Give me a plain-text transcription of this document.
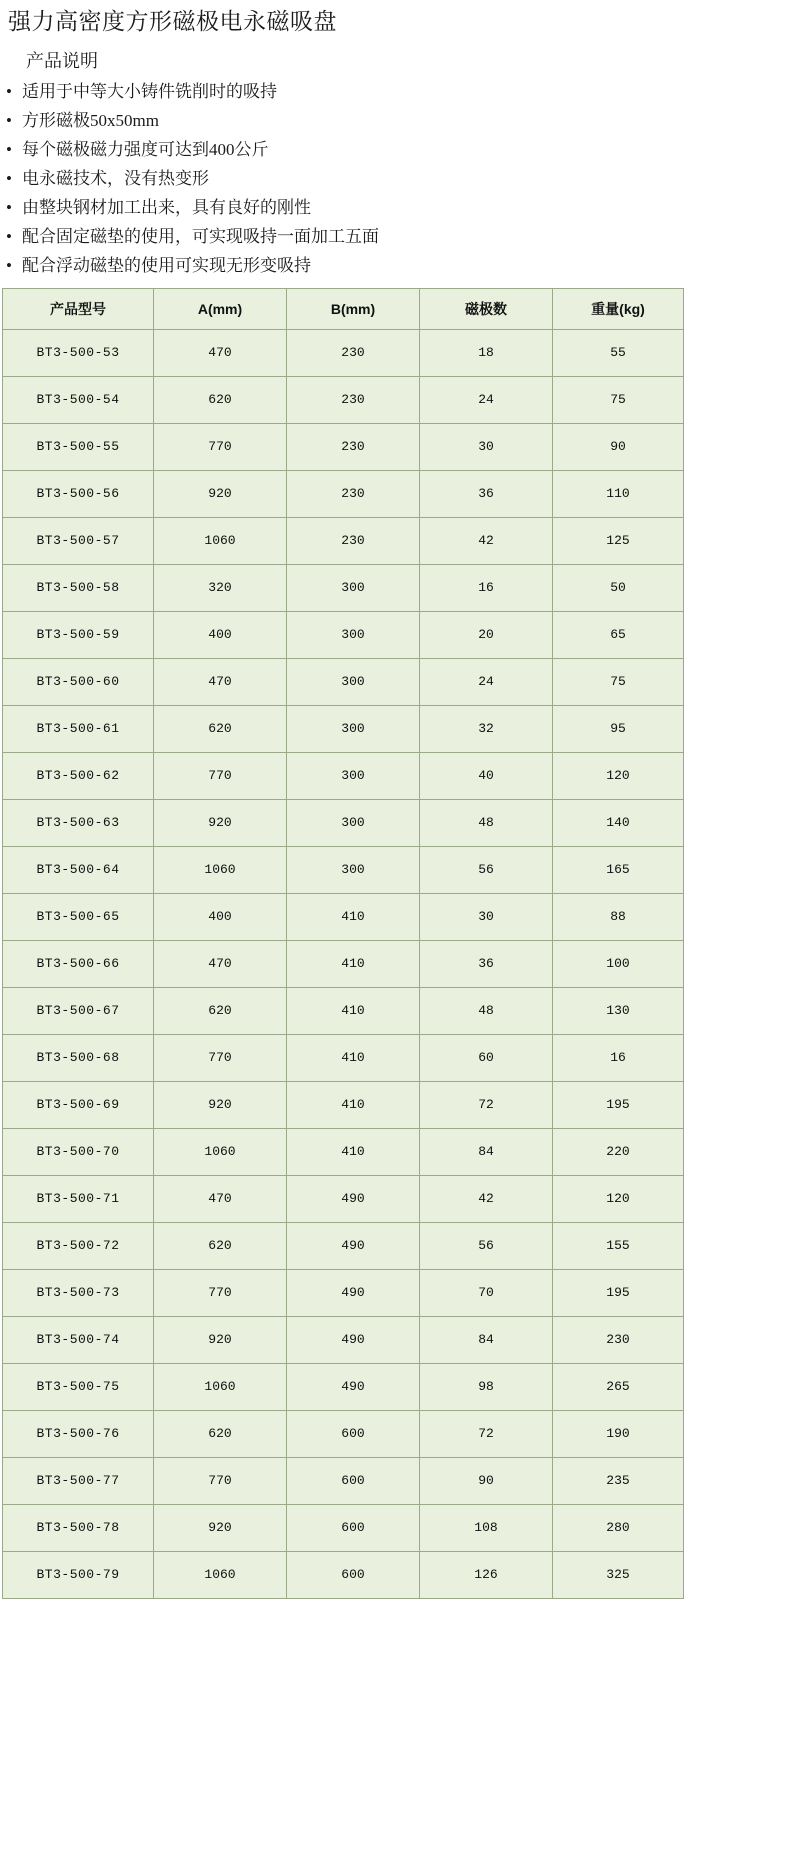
强力高密度方形磁极电永磁吸盘
产品说明
• 适用于中等大小铸件铣削时的吸持
• 方形磁极50x50mm
• 每个磁极磁力强度可达到400公斤
• 电永磁技术，没有热变形
• 由整块钢材加工出来，具有良好的刚性
• 配合固定磁垫的使用，可实现吸持一面加工五面
• 配合浮动磁垫的使用可实现无形变吸持
产品型号	A(mm)	B(mm)	磁极数	重量(kg)
BT3-500-53	470	230	18	55
BT3-500-54	620	230	24	75
BT3-500-55	770	230	30	90
BT3-500-56	920	230	36	110
BT3-500-57	1060	230	42	125
BT3-500-58	320	300	16	50
BT3-500-59	400	300	20	65
BT3-500-60	470	300	24	75
BT3-500-61	620	300	32	95
BT3-500-62	770	300	40	120
BT3-500-63	920	300	48	140
BT3-500-64	1060	300	56	165
BT3-500-65	400	410	30	88
BT3-500-66	470	410	36	100
BT3-500-67	620	410	48	130
BT3-500-68	770	410	60	16
BT3-500-69	920	410	72	195
BT3-500-70	1060	410	84	220
BT3-500-71	470	490	42	120
BT3-500-72	620	490	56	155
BT3-500-73	770	490	70	195
BT3-500-74	920	490	84	230
BT3-500-75	1060	490	98	265
BT3-500-76	620	600	72	190
BT3-500-77	770	600	90	235
BT3-500-78	920	600	108	280
BT3-500-79	1060	600	126	325
